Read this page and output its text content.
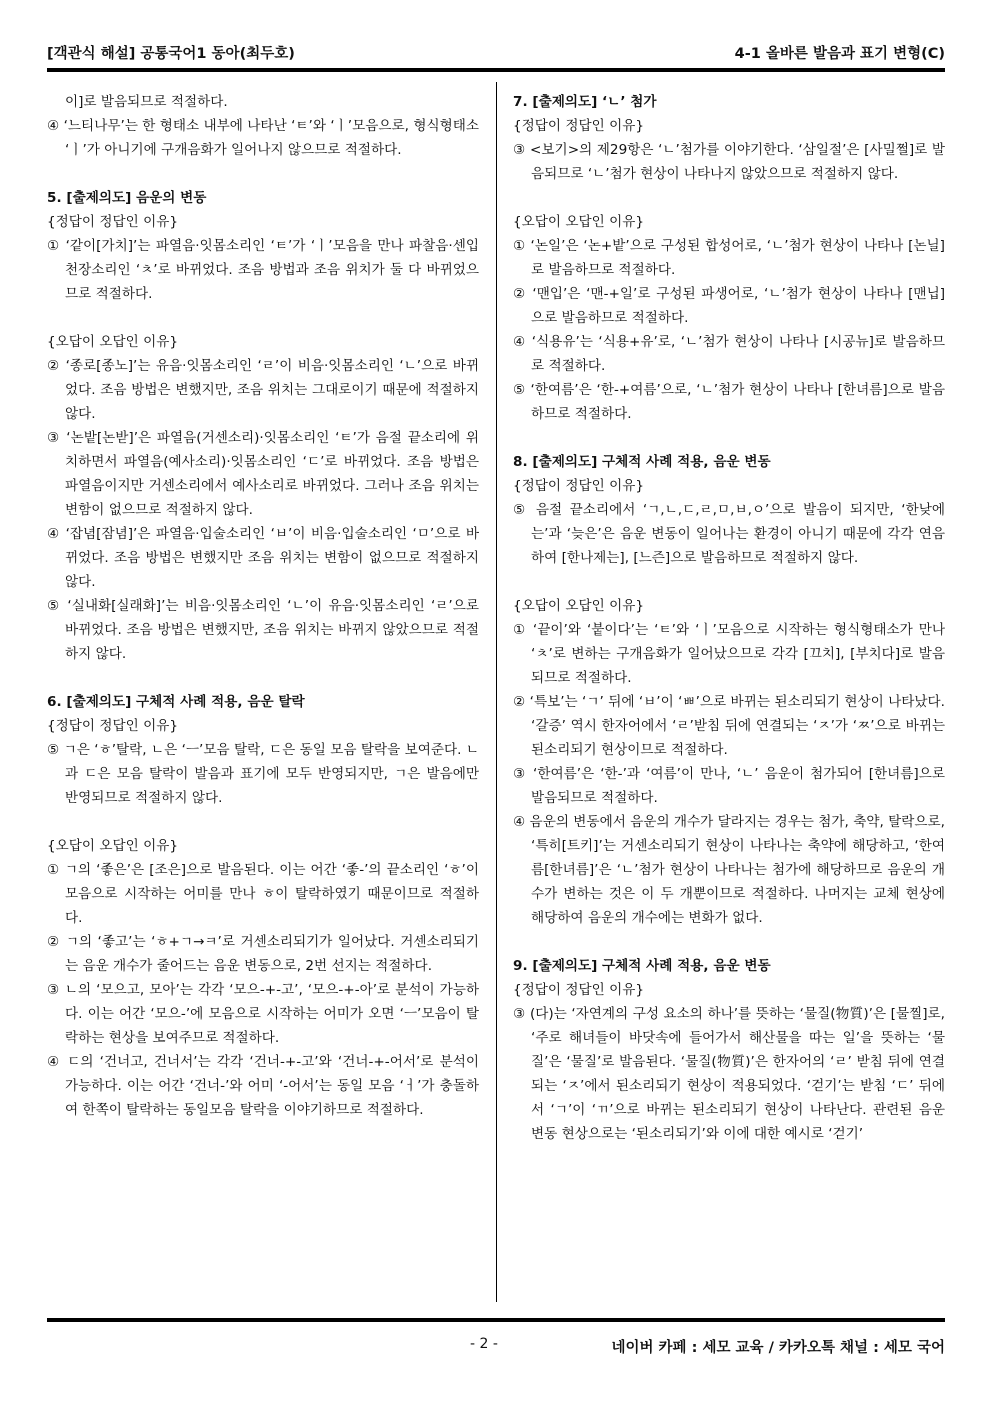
[객관식 해설] 공통국어1 동아(최두호)	4-1 올바른 발음과 표기 변형(C)

이]로 발음되므로 적절하다.

④ ‘느티나무’는 한 형태소 내부에 나타난 ‘ㅌ’와 ‘ㅣ’모음으로, 형식형태소 ‘ㅣ’가 아니기에 구개음화가 일어나지 않으므로 적절하다.

5. [출제의도] 음운의 변동

{정답이 정답인 이유}

① ‘같이[가치]’는 파열음·잇몸소리인 ‘ㅌ’가 ‘ㅣ’모음을 만나 파찰음·센입천장소리인 ‘ㅊ’로 바뀌었다. 조음 방법과 조음 위치가 둘 다 바뀌었으므로 적절하다.

{오답이 오답인 이유}

② ‘종로[종노]’는 유음·잇몸소리인 ‘ㄹ’이 비음·잇몸소리인 ‘ㄴ’으로 바뀌었다. 조음 방법은 변했지만, 조음 위치는 그대로이기 때문에 적절하지 않다.

③ ‘논밭[논받]’은 파열음(거센소리)·잇몸소리인 ‘ㅌ’가 음절 끝소리에 위치하면서 파열음(예사소리)·잇몸소리인 ‘ㄷ’로 바뀌었다. 조음 방법은 파열음이지만 거센소리에서 예사소리로 바뀌었다. 그러나 조음 위치는 변함이 없으므로 적절하지 않다.

④ ‘잡념[잠념]’은 파열음·입술소리인 ‘ㅂ’이 비음·입술소리인 ‘ㅁ’으로 바뀌었다. 조음 방법은 변했지만 조음 위치는 변함이 없으므로 적절하지 않다.

⑤ ‘실내화[실래화]’는 비음·잇몸소리인 ‘ㄴ’이 유음·잇몸소리인 ‘ㄹ’으로 바뀌었다. 조음 방법은 변했지만, 조음 위치는 바뀌지 않았으므로 적절하지 않다.

6. [출제의도] 구체적 사례 적용, 음운 탈락

{정답이 정답인 이유}

⑤ ㄱ은 ‘ㅎ’탈락, ㄴ은 ‘ㅡ’모음 탈락, ㄷ은 동일 모음 탈락을 보여준다. ㄴ과 ㄷ은 모음 탈락이 발음과 표기에 모두 반영되지만, ㄱ은 발음에만 반영되므로 적절하지 않다.

{오답이 오답인 이유}

① ㄱ의 ‘좋은’은 [조은]으로 발음된다. 이는 어간 ‘좋-’의 끝소리인 ‘ㅎ’이 모음으로 시작하는 어미를 만나 ㅎ이 탈락하였기 때문이므로 적절하다.

② ㄱ의 ‘좋고’는 ‘ㅎ+ㄱ→ㅋ’로 거센소리되기가 일어났다. 거센소리되기는 음운 개수가 줄어드는 음운 변동으로, 2번 선지는 적절하다.

③ ㄴ의 ‘모으고, 모아’는 각각 ‘모으-+-고’, ‘모으-+-아’로 분석이 가능하다. 이는 어간 ‘모으-’에 모음으로 시작하는 어미가 오면 ‘ㅡ’모음이 탈락하는 현상을 보여주므로 적절하다.

④ ㄷ의 ‘건너고, 건너서’는 각각 ‘건너-+-고’와 ‘건너-+-어서’로 분석이 가능하다. 이는 어간 ‘건너-’와 어미 ‘-어서’는 동일 모음 ‘ㅓ’가 충돌하여 한쪽이 탈락하는 동일모음 탈락을 이야기하므로 적절하다.

7. [출제의도] ‘ㄴ’ 첨가

{정답이 정답인 이유}

③ <보기>의 제29항은 ‘ㄴ’첨가를 이야기한다. ‘삼일절’은 [사밀쩔]로 발음되므로 ‘ㄴ’첨가 현상이 나타나지 않았으므로 적절하지 않다.

{오답이 오답인 이유}

① ‘논일’은 ‘논+밭’으로 구성된 합성어로, ‘ㄴ’첨가 현상이 나타나 [논닐]로 발음하므로 적절하다.

② ‘맨입’은 ‘맨-+일’로 구성된 파생어로, ‘ㄴ’첨가 현상이 나타나 [맨닙]으로 발음하므로 적절하다.

④ ‘식용유’는 ‘식용+유’로, ‘ㄴ’첨가 현상이 나타나 [시공뉴]로 발음하므로 적절하다.

⑤ ‘한여름’은 ‘한-+여름’으로, ‘ㄴ’첨가 현상이 나타나 [한녀름]으로 발음하므로 적절하다.

8. [출제의도] 구체적 사례 적용, 음운 변동

{정답이 정답인 이유}

⑤ 음절 끝소리에서 ‘ㄱ,ㄴ,ㄷ,ㄹ,ㅁ,ㅂ,ㅇ’으로 발음이 되지만, ‘한낮에는’과 ‘늦은’은 음운 변동이 일어나는 환경이 아니기 때문에 각각 연음하여 [한나제는], [느즌]으로 발음하므로 적절하지 않다.

{오답이 오답인 이유}

① ‘끝이’와 ‘붙이다’는 ‘ㅌ’와 ‘ㅣ’모음으로 시작하는 형식형태소가 만나 ‘ㅊ’로 변하는 구개음화가 일어났으므로 각각 [끄치], [부치다]로 발음되므로 적절하다.

② ‘특보’는 ‘ㄱ’ 뒤에 ‘ㅂ’이 ‘ㅃ’으로 바뀌는 된소리되기 현상이 나타났다. ‘갈증’ 역시 한자어에서 ‘ㄹ’받침 뒤에 연결되는 ‘ㅈ’가 ‘ㅉ’으로 바뀌는 된소리되기 현상이므로 적절하다.

③ ‘한여름’은 ‘한-’과 ‘여름’이 만나, ‘ㄴ’ 음운이 첨가되어 [한녀름]으로 발음되므로 적절하다.

④ 음운의 변동에서 음운의 개수가 달라지는 경우는 첨가, 축약, 탈락으로, ‘특히[트키]’는 거센소리되기 현상이 나타나는 축약에 해당하고, ‘한여름[한녀름]’은 ‘ㄴ’첨가 현상이 나타나는 첨가에 해당하므로 음운의 개수가 변하는 것은 이 두 개뿐이므로 적절하다. 나머지는 교체 현상에 해당하여 음운의 개수에는 변화가 없다.

9. [출제의도] 구체적 사례 적용, 음운 변동

{정답이 정답인 이유}

③ (다)는 ‘자연계의 구성 요소의 하나’를 뜻하는 ‘물질(物質)’은 [물찔]로, ‘주로 해녀들이 바닷속에 들어가서 해산물을 따는 일’을 뜻하는 ‘물질’은 ‘물질’로 발음된다. ‘물질(物質)’은 한자어의 ‘ㄹ’ 받침 뒤에 연결되는 ‘ㅈ’에서 된소리되기 현상이 적용되었다. ‘걷기’는 받침 ‘ㄷ’ 뒤에서 ‘ㄱ’이 ‘ㄲ’으로 바뀌는 된소리되기 현상이 나타난다. 관련된 음운 변동 현상으로는 ‘된소리되기’와 이에 대한 예시로 ‘걷기’

- 2 -	네이버 카페 : 세모 교육 / 카카오톡 채널 : 세모 국어
